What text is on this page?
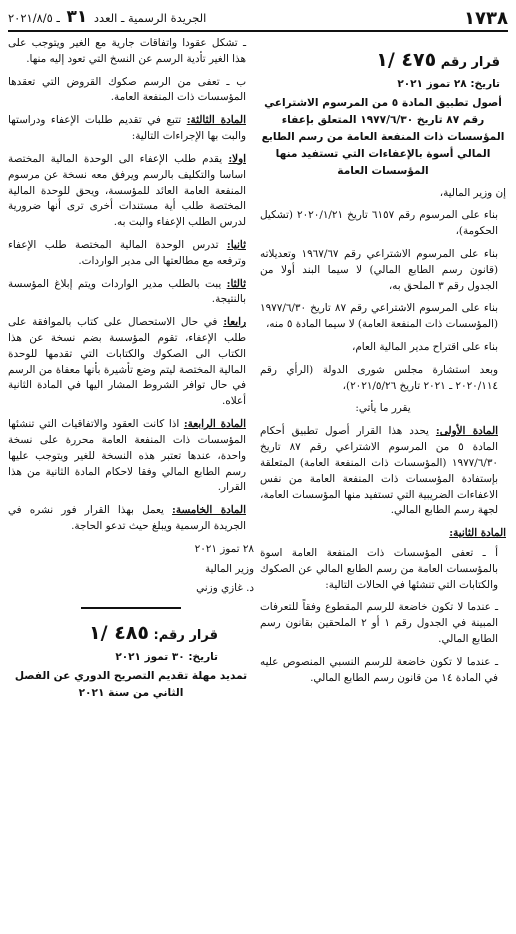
١٧٣٨
الجريدة الرسمية ـ العدد ٣١ ـ ٢٠٢١/٨/٥
قرار رقم ٤٧٥ /١
تاريخ: ٢٨ تموز ٢٠٢١
أصول تطبيق المادة ٥ من المرسوم الاشتراعي رقم ٨٧ تاريخ ١٩٧٧/٦/٣٠ المتعلق بإعفاء المؤسسات ذات المنفعة العامة من رسم الطابع المالي أسوة بالإعفاءات التي تستفيد منها المؤسسات العامة

إن وزير المالية،

بناء على المرسوم رقم ٦١٥٧ تاريخ ٢٠٢٠/١/٢١ (تشكيل الحكومة)،

بناء على المرسوم الاشتراعي رقم ١٩٦٧/٦٧ وتعديلاته (قانون رسم الطابع المالي) لا سيما البند أولا من الجدول رقم ٣ الملحق به،

بناء على المرسوم الاشتراعي رقم ٨٧ تاريخ ١٩٧٧/٦/٣٠ (المؤسسات ذات المنفعة العامة) لا سيما المادة ٥ منه،

بناء على اقتراح مدير المالية العام،

وبعد استشارة مجلس شورى الدولة (الرأي رقم ٢٠٢٠/١١٤ ـ ٢٠٢١ تاريخ ٢٠٢١/٥/٢٦)،

يقرر ما يأتي:

المادة الأولى: يحدد هذا القرار أصول تطبيق أحكام المادة ٥ من المرسوم الاشتراعي رقم ٨٧ تاريخ ١٩٧٧/٦/٣٠ (المؤسسات ذات المنفعة العامة) المتعلقة بإستفادة المؤسسات ذات المنفعة العامة من نفس الاعفاءات الضريبية التي تستفيد منها المؤسسات العامة، لجهة رسم الطابع المالي.

المادة الثانية:

أ ـ تعفى المؤسسات ذات المنفعة العامة اسوة بالمؤسسات العامة من رسم الطابع المالي عن الصكوك والكتابات التي تنشئها في الحالات التالية:

ـ عندما لا تكون خاضعة للرسم المقطوع وفقاً للتعرفات المبينة في الجدول رقم ١ أو ٢ الملحقين بقانون رسم الطابع المالي.

ـ عندما لا تكون خاضعة للرسم النسبي المنصوص عليه في المادة ١٤ من قانون رسم الطابع المالي.

ـ تشكل عقودا واتفاقات جارية مع الغير ويتوجب على هذا الغير تأدية الرسم عن النسخ التي تعود إليه منها.

ب ـ تعفى من الرسم صكوك القروض التي تعقدها المؤسسات ذات المنفعة العامة.

المادة الثالثة: تتبع في تقديم طلبات الإعفاء ودراستها والبت بها الإجراءات التالية:

اولا: يقدم طلب الإعفاء الى الوحدة المالية المختصة اساسا والتكليف بالرسم ويرفق معه نسخة عن مرسوم المنفعة العامة العائد للمؤسسة، ويحق للوحدة المالية المختصة طلب أية مستندات أخرى ترى أنها ضرورية لدرس الطلب الإعفاء والبت به.

ثانيا: تدرس الوحدة المالية المختصة طلب الإعفاء وترفعه مع مطالعتها الى مدير الواردات.

ثالثا: يبت بالطلب مدير الواردات ويتم إبلاغ المؤسسة بالنتيجة.

رابعا: في حال الاستحصال على كتاب بالموافقة على طلب الإعفاء، تقوم المؤسسة بضم نسخة عن هذا الكتاب الى الصكوك والكتابات التي تقدمها للوحدة المالية المختصة ليتم وضع تأشيرة بأنها معفاة من الرسم في حال توافر الشروط المشار اليها في المادة الثانية أعلاه.

المادة الرابعة: اذا كانت العقود والاتفاقيات التي تنشئها المؤسسات ذات المنفعة العامة محررة على نسخة واحدة، عندها تعتبر هذه النسخة للغير ويتوجب عليها رسم الطابع المالي وفقا لاحكام المادة الثانية من هذا القرار.

المادة الخامسة: يعمل بهذا القرار فور نشره في الجريدة الرسمية ويبلغ حيث تدعو الحاجة.

٢٨ تموز ٢٠٢١

وزير المالية

د. غازي وزني

قرار رقم: ٤٨٥ /١
تاريخ: ٣٠ تموز ٢٠٢١
تمديد مهلة تقديم التصريح الدوري عن الفصل الثاني من سنة ٢٠٢١
